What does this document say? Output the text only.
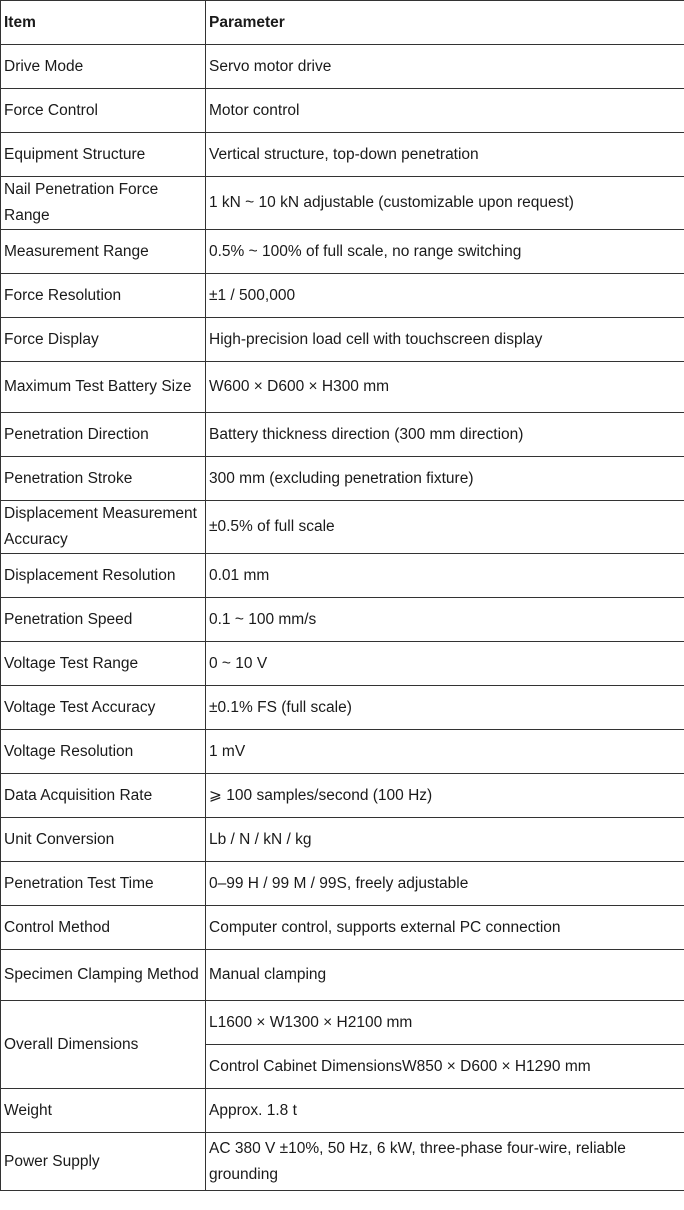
Item	Parameter
Drive Mode	Servo motor drive
Force Control	Motor control
Equipment Structure	Vertical structure, top-down penetration
Nail Penetration Force Range	1 kN ~ 10 kN adjustable (customizable upon request)
Measurement Range	0.5% ~ 100% of full scale, no range switching
Force Resolution	±1 / 500,000
Force Display	High-precision load cell with touchscreen display
Maximum Test Battery Size	W600 × D600 × H300 mm
Penetration Direction	Battery thickness direction (300 mm direction)
Penetration Stroke	300 mm (excluding penetration fixture)
Displacement Measurement Accuracy	±0.5% of full scale
Displacement Resolution	0.01 mm
Penetration Speed	0.1 ~ 100 mm/s
Voltage Test Range	0 ~ 10 V
Voltage Test Accuracy	±0.1% FS (full scale)
Voltage Resolution	1 mV
Data Acquisition Rate	⩾ 100 samples/second (100 Hz)
Unit Conversion	Lb / N / kN / kg
Penetration Test Time	0–99 H / 99 M / 99S, freely adjustable
Control Method	Computer control, supports external PC connection
Specimen Clamping Method	Manual clamping
Overall Dimensions	L1600 × W1300 × H2100 mm
	Control Cabinet DimensionsW850 × D600 × H1290 mm
Weight	Approx. 1.8 t
Power Supply	AC 380 V ±10%, 50 Hz, 6 kW, three-phase four-wire, reliable grounding
